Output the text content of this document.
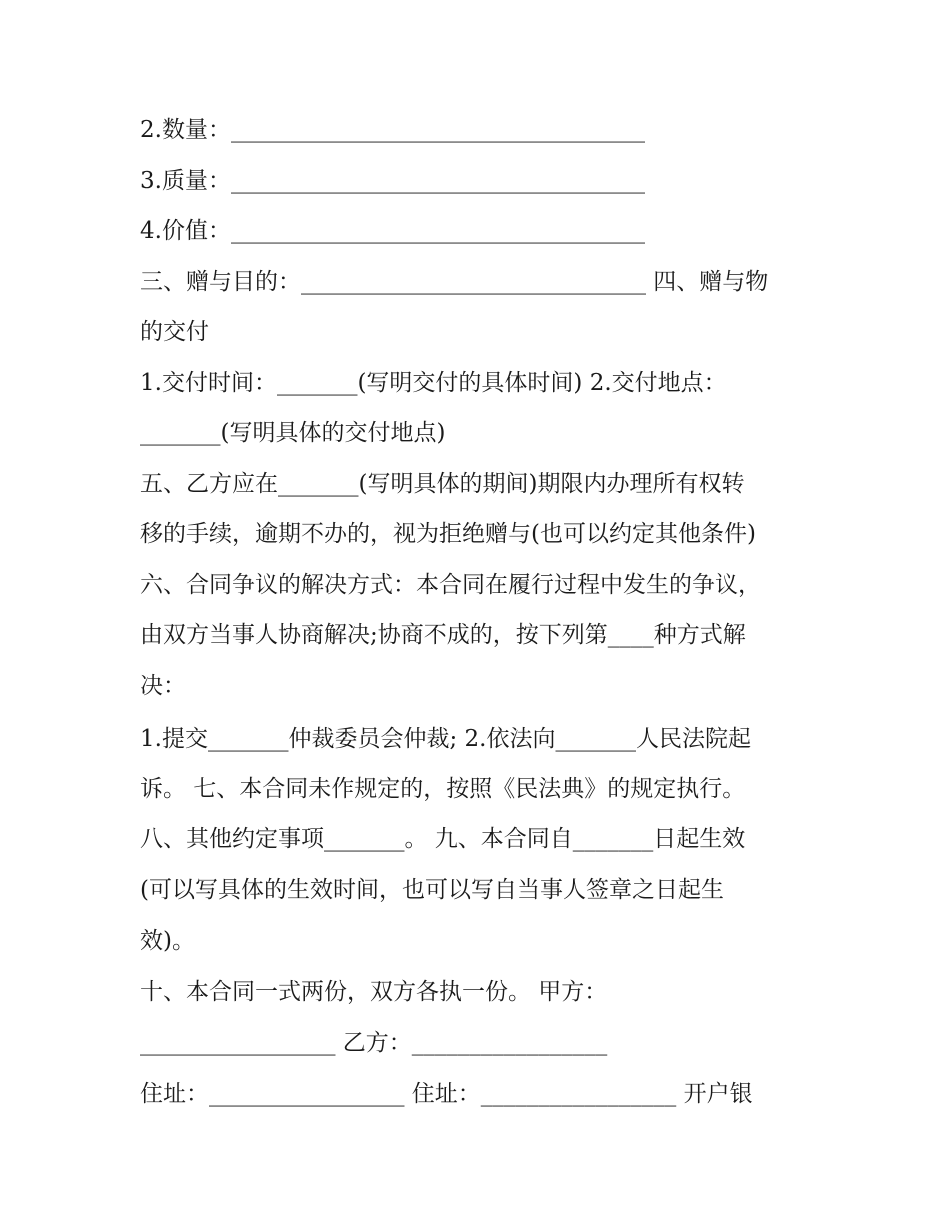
2.数量：____________________________________
3.质量：____________________________________
4.价值：____________________________________
三、赠与目的：______________________________ 四、赠与物
的交付
1.交付时间：_______(写明交付的具体时间) 2.交付地点：
_______(写明具体的交付地点)
五、乙方应在_______(写明具体的期间)期限内办理所有权转
移的手续，逾期不办的，视为拒绝赠与(也可以约定其他条件)
六、合同争议的解决方式：本合同在履行过程中发生的争议，
由双方当事人协商解决;协商不成的，按下列第____种方式解
决：
1.提交_______仲裁委员会仲裁; 2.依法向_______人民法院起
诉。 七、本合同未作规定的，按照《民法典》的规定执行。
八、其他约定事项_______。 九、本合同自_______日起生效
(可以写具体的生效时间，也可以写自当事人签章之日起生
效)。
十、本合同一式两份，双方各执一份。 甲方：
_________________ 乙方：_________________
住址：_________________ 住址：_________________ 开户银
